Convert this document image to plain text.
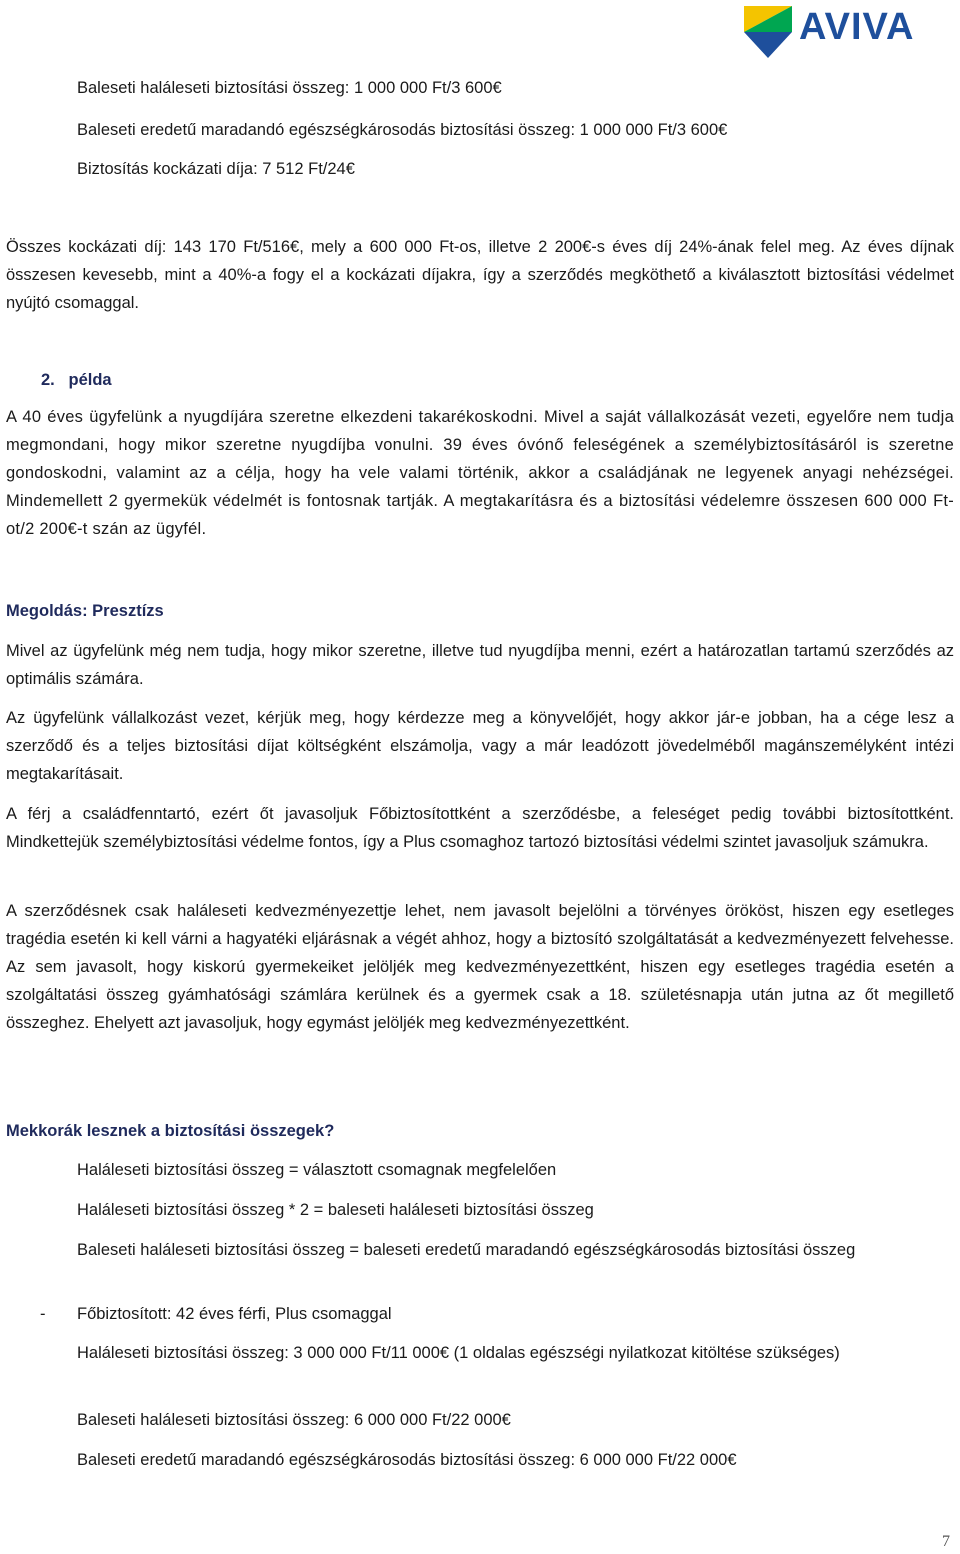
AVIVA

Baleseti haláleseti biztosítási összeg: 1 000 000 Ft/3 600€

Baleseti eredetű maradandó egészségkárosodás biztosítási összeg: 1 000 000 Ft/3 600€

Biztosítás kockázati díja: 7 512 Ft/24€

Összes kockázati díj: 143 170 Ft/516€, mely a 600 000 Ft-os, illetve 2 200€-s éves díj 24%-ának felel meg. Az éves díjnak összesen kevesebb, mint a 40%-a fogy el a kockázati díjakra, így a szerződés megköthető a kiválasztott biztosítási védelmet nyújtó csomaggal.

2.   példa

A 40 éves ügyfelünk a nyugdíjára szeretne elkezdeni takarékoskodni. Mivel a saját vállalkozását vezeti, egyelőre nem tudja megmondani, hogy mikor szeretne nyugdíjba vonulni. 39 éves óvónő feleségének a személybiztosításáról is szeretne gondoskodni, valamint az a célja, hogy ha vele valami történik, akkor a családjának ne legyenek anyagi nehézségei. Mindemellett 2 gyermekük védelmét is fontosnak tartják. A megtakarításra és a biztosítási védelemre összesen 600 000 Ft-ot/2 200€-t szán az ügyfél.

Megoldás: Presztízs

Mivel az ügyfelünk még nem tudja, hogy mikor szeretne, illetve tud nyugdíjba menni, ezért a határozatlan tartamú szerződés az optimális számára.

Az ügyfelünk vállalkozást vezet, kérjük meg, hogy kérdezze meg a könyvelőjét, hogy akkor jár-e jobban, ha a cége lesz a szerződő és a teljes biztosítási díjat költségként elszámolja, vagy a már leadózott jövedelméből magánszemélyként intézi megtakarításait.

A férj a családfenntartó, ezért őt javasoljuk Főbiztosítottként a szerződésbe, a feleséget pedig további biztosítottként. Mindkettejük személybiztosítási védelme fontos, így a Plus csomaghoz tartozó biztosítási védelmi szintet javasoljuk számukra.

A szerződésnek csak haláleseti kedvezményezettje lehet, nem javasolt bejelölni a törvényes örököst, hiszen egy esetleges tragédia esetén ki kell várni a hagyatéki eljárásnak a végét ahhoz, hogy a biztosító szolgáltatását a kedvezményezett felvehesse. Az sem javasolt, hogy kiskorú gyermekeiket jelöljék meg kedvezményezettként, hiszen egy esetleges tragédia esetén a szolgáltatási összeg gyámhatósági számlára kerülnek és a gyermek csak a 18. születésnapja után jutna az őt megillető összeghez. Ehelyett azt javasoljuk, hogy egymást jelöljék meg kedvezményezettként.

Mekkorák lesznek a biztosítási összegek?

Haláleseti biztosítási összeg = választott csomagnak megfelelően

Haláleseti biztosítási összeg * 2 = baleseti haláleseti biztosítási összeg

Baleseti haláleseti biztosítási összeg = baleseti eredetű maradandó egészségkárosodás biztosítási összeg

- Főbiztosított: 42 éves férfi, Plus csomaggal

Haláleseti biztosítási összeg: 3 000 000 Ft/11 000€ (1 oldalas egészségi nyilatkozat kitöltése szükséges)

Baleseti haláleseti biztosítási összeg: 6 000 000 Ft/22 000€

Baleseti eredetű maradandó egészségkárosodás biztosítási összeg: 6 000 000 Ft/22 000€

7
